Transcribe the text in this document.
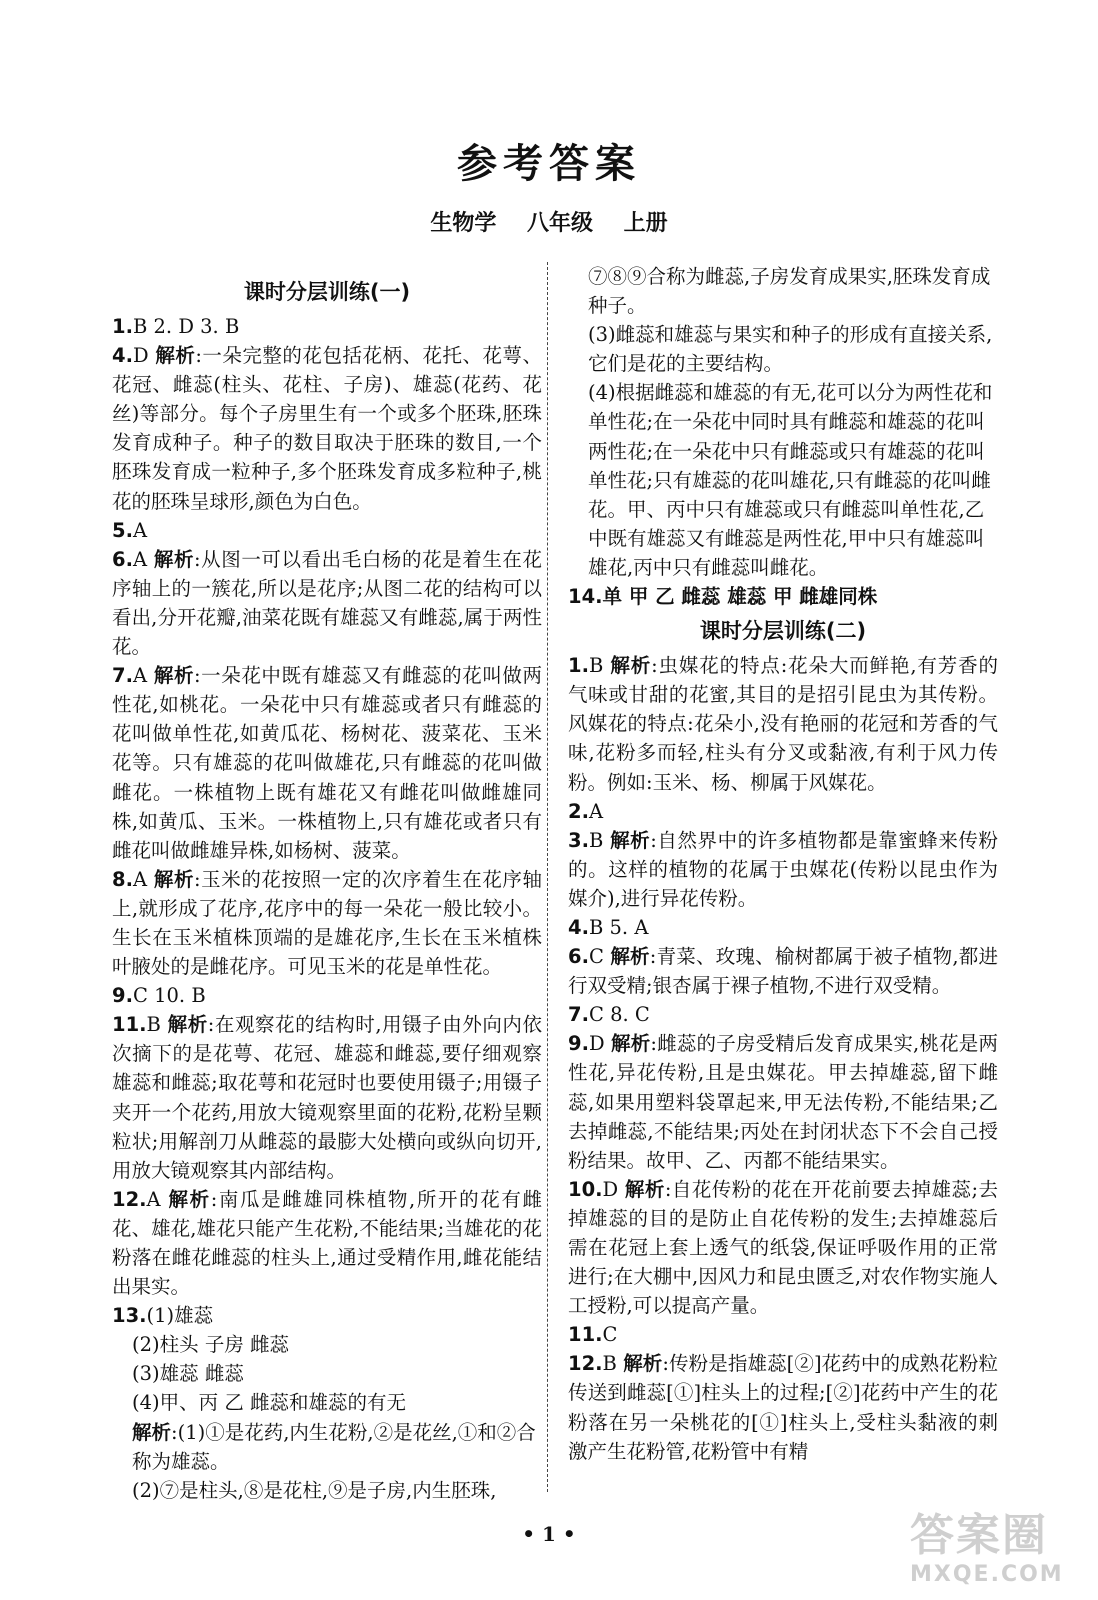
参考答案
生物学    八年级    上册
课时分层训练(一)
1.B 2. D 3. B
4.D 解析:一朵完整的花包括花柄、花托、花萼、花冠、雌蕊(柱头、花柱、子房)、雄蕊(花药、花丝)等部分。每个子房里生有一个或多个胚珠,胚珠发育成种子。种子的数目取决于胚珠的数目,一个胚珠发育成一粒种子,多个胚珠发育成多粒种子,桃花的胚珠呈球形,颜色为白色。
5.A
6.A 解析:从图一可以看出毛白杨的花是着生在花序轴上的一簇花,所以是花序;从图二花的结构可以看出,分开花瓣,油菜花既有雄蕊又有雌蕊,属于两性花。
7.A 解析:一朵花中既有雄蕊又有雌蕊的花叫做两性花,如桃花。一朵花中只有雄蕊或者只有雌蕊的花叫做单性花,如黄瓜花、杨树花、菠菜花、玉米花等。只有雄蕊的花叫做雄花,只有雌蕊的花叫做雌花。一株植物上既有雄花又有雌花叫做雌雄同株,如黄瓜、玉米。一株植物上,只有雄花或者只有雌花叫做雌雄异株,如杨树、菠菜。
8.A 解析:玉米的花按照一定的次序着生在花序轴上,就形成了花序,花序中的每一朵花一般比较小。生长在玉米植株顶端的是雄花序,生长在玉米植株叶腋处的是雌花序。可见玉米的花是单性花。
9.C 10. B
11.B 解析:在观察花的结构时,用镊子由外向内依次摘下的是花萼、花冠、雄蕊和雌蕊,要仔细观察雄蕊和雌蕊;取花萼和花冠时也要使用镊子;用镊子夹开一个花药,用放大镜观察里面的花粉,花粉呈颗粒状;用解剖刀从雌蕊的最膨大处横向或纵向切开,用放大镜观察其内部结构。
12.A 解析:南瓜是雌雄同株植物,所开的花有雌花、雄花,雄花只能产生花粉,不能结果;当雄花的花粉落在雌花雌蕊的柱头上,通过受精作用,雌花能结出果实。
13.(1)雄蕊
(2)柱头 子房 雌蕊
(3)雄蕊 雌蕊
(4)甲、丙 乙 雌蕊和雄蕊的有无
解析:(1)①是花药,内生花粉,②是花丝,①和②合称为雄蕊。
(2)⑦是柱头,⑧是花柱,⑨是子房,内生胚珠,
⑦⑧⑨合称为雌蕊,子房发育成果实,胚珠发育成种子。
(3)雌蕊和雄蕊与果实和种子的形成有直接关系,它们是花的主要结构。
(4)根据雌蕊和雄蕊的有无,花可以分为两性花和单性花;在一朵花中同时具有雌蕊和雄蕊的花叫两性花;在一朵花中只有雌蕊或只有雄蕊的花叫单性花;只有雄蕊的花叫雄花,只有雌蕊的花叫雌花。甲、丙中只有雄蕊或只有雌蕊叫单性花,乙中既有雄蕊又有雌蕊是两性花,甲中只有雄蕊叫雄花,丙中只有雌蕊叫雌花。
14.单 甲 乙 雌蕊 雄蕊 甲 雌雄同株
课时分层训练(二)
1.B 解析:虫媒花的特点:花朵大而鲜艳,有芳香的气味或甘甜的花蜜,其目的是招引昆虫为其传粉。风媒花的特点:花朵小,没有艳丽的花冠和芳香的气味,花粉多而轻,柱头有分叉或黏液,有利于风力传粉。例如:玉米、杨、柳属于风媒花。
2.A
3.B 解析:自然界中的许多植物都是靠蜜蜂来传粉的。这样的植物的花属于虫媒花(传粉以昆虫作为媒介),进行异花传粉。
4.B 5. A
6.C 解析:青菜、玫瑰、榆树都属于被子植物,都进行双受精;银杏属于裸子植物,不进行双受精。
7.C 8. C
9.D 解析:雌蕊的子房受精后发育成果实,桃花是两性花,异花传粉,且是虫媒花。甲去掉雄蕊,留下雌蕊,如果用塑料袋罩起来,甲无法传粉,不能结果;乙去掉雌蕊,不能结果;丙处在封闭状态下不会自己授粉结果。故甲、乙、丙都不能结果实。
10.D 解析:自花传粉的花在开花前要去掉雄蕊;去掉雄蕊的目的是防止自花传粉的发生;去掉雄蕊后需在花冠上套上透气的纸袋,保证呼吸作用的正常进行;在大棚中,因风力和昆虫匮乏,对农作物实施人工授粉,可以提高产量。
11.C
12.B 解析:传粉是指雄蕊[②]花药中的成熟花粉粒传送到雌蕊[①]柱头上的过程;[②]花药中产生的花粉落在另一朵桃花的[①]柱头上,受柱头黏液的刺激产生花粉管,花粉管中有精
• 1 •	答案圈
MXQE.COM
